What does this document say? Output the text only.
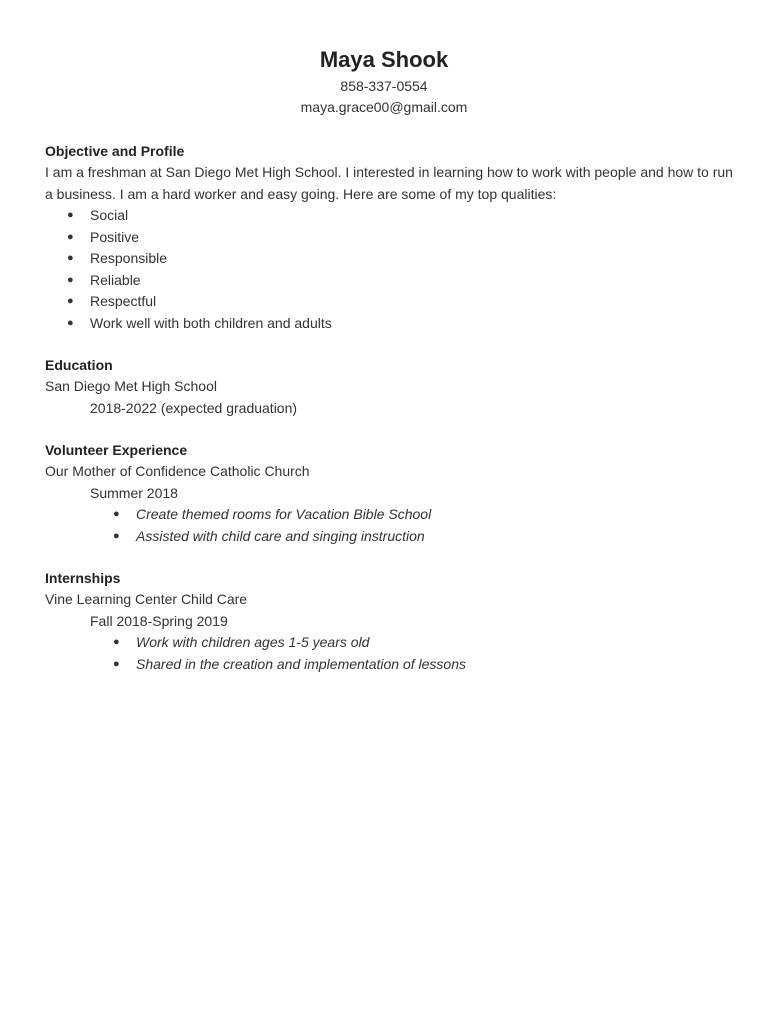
Maya Shook
858-337-0554
maya.grace00@gmail.com
Objective and Profile
I am a freshman at San Diego Met High School. I interested in learning how to work with people and how to run a business. I am a hard worker and easy going. Here are some of my top qualities:
● Social
● Positive
● Responsible
● Reliable
● Respectful
● Work well with both children and adults
Education
San Diego Met High School
2018-2022 (expected graduation)
Volunteer Experience
Our Mother of Confidence Catholic Church
Summer 2018
● Create themed rooms for Vacation Bible School
● Assisted with child care and singing instruction
Internships
Vine Learning Center Child Care
Fall 2018-Spring 2019
● Work with children ages 1-5 years old
● Shared in the creation and implementation of lessons
